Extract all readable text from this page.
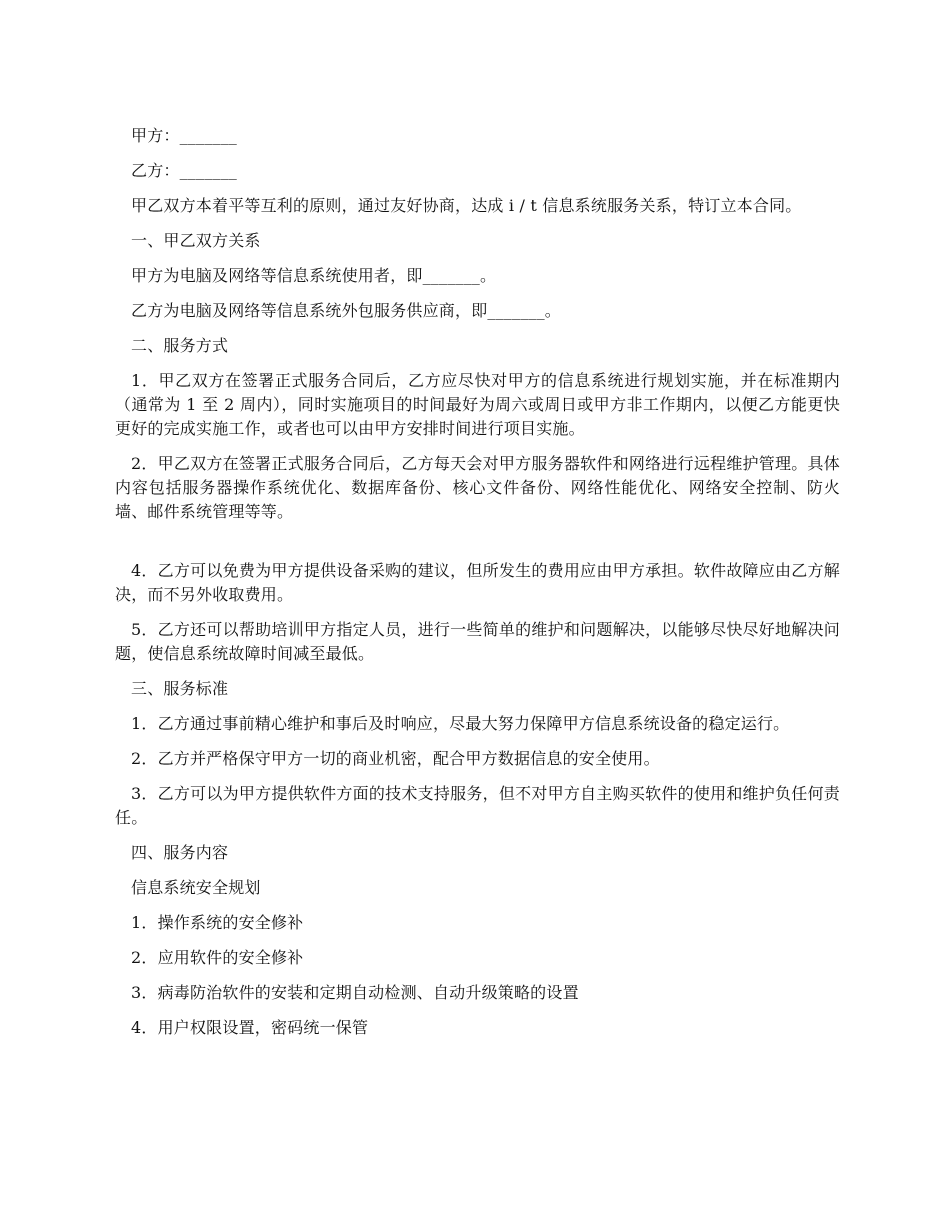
甲方：_______

乙方：_______

甲乙双方本着平等互利的原则，通过友好协商，达成 i / t 信息系统服务关系，特订立本合同。

一、甲乙双方关系

甲方为电脑及网络等信息系统使用者，即_______。

乙方为电脑及网络等信息系统外包服务供应商，即_______。

二、服务方式

1．甲乙双方在签署正式服务合同后，乙方应尽快对甲方的信息系统进行规划实施，并在标准期内（通常为 1 至 2 周内），同时实施项目的时间最好为周六或周日或甲方非工作期内，以便乙方能更快更好的完成实施工作，或者也可以由甲方安排时间进行项目实施。

2．甲乙双方在签署正式服务合同后，乙方每天会对甲方服务器软件和网络进行远程维护管理。具体内容包括服务器操作系统优化、数据库备份、核心文件备份、网络性能优化、网络安全控制、防火墙、邮件系统管理等等。

4．乙方可以免费为甲方提供设备采购的建议，但所发生的费用应由甲方承担。软件故障应由乙方解决，而不另外收取费用。

5．乙方还可以帮助培训甲方指定人员，进行一些简单的维护和问题解决，以能够尽快尽好地解决问题，使信息系统故障时间减至最低。

三、服务标准

1．乙方通过事前精心维护和事后及时响应，尽最大努力保障甲方信息系统设备的稳定运行。

2．乙方并严格保守甲方一切的商业机密，配合甲方数据信息的安全使用。

3．乙方可以为甲方提供软件方面的技术支持服务，但不对甲方自主购买软件的使用和维护负任何责任。

四、服务内容

信息系统安全规划

1．操作系统的安全修补

2．应用软件的安全修补

3．病毒防治软件的安装和定期自动检测、自动升级策略的设置

4．用户权限设置，密码统一保管
